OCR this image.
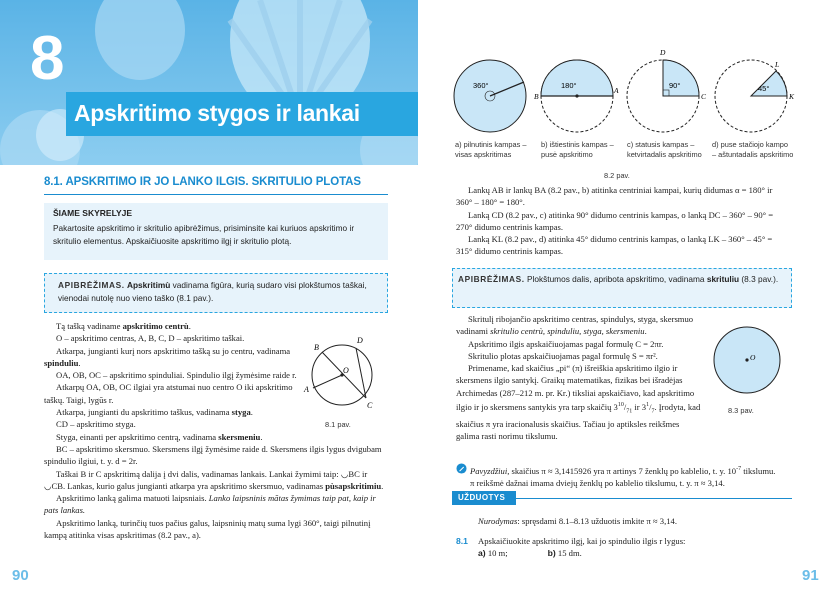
8
Apskritimo stygos ir lankai
8.1. APSKRITIMO IR JO LANKO ILGIS. SKRITULIO PLOTAS
ŠIAME SKYRELYJE
Pakartosite apskritimo ir skritulio apibrėžimus, prisiminsite kai kuriuos apskritimo ir skritulio elementus. Apskaičiuosite apskritimo ilgį ir skritulio plotą.
APIBRĖŽIMAS. Apskritimù vadinama figūra, kurią sudaro visi plokštumos taškai, vienodai nutolę nuo vieno taško (8.1 pav.).

Tą tašką vadiname apskritimo centrù.

O – apskritimo centras, A, B, C, D – apskritimo taškai.

Atkarpa, jungianti kurį nors apskritimo tašką su jo centru, vadinama spinduliu.

OA, OB, OC – apskritimo spinduliai. Spindulio ilgį žymėsime raide r.

Atkarpų OA, OB, OC ilgiai yra atstumai nuo centro O iki apskritimo taškų. Taigi, lygūs r.

Atkarpa, jungianti du apskritimo taškus, vadinama styga.

CD – apskritimo styga.

Styga, einanti per apskritimo centrą, vadinama skersmeniu.

D
B
O
A
C
8.1 pav.

BC – apskritimo skersmuo. Skersmens ilgį žymėsime raide d. Skersmens ilgis lygus dvigubam spindulio ilgiui, t. y. d = 2r.

Taškai B ir C apskritimą dalija į dvi dalis, vadinamas lankais. Lankai žymimi taip: ◡BC ir ◡CB. Lankas, kurio galus jungianti atkarpa yra apskritimo skersmuo, vadinamas pùsapskritimiu.

Apskritimo lanką galima matuoti laipsniais. Lanko laipsninis mãtas žymimas taip pat, kaip ir pats lankas.

Apskritimo lanką, turinčių tuos pačius galus, laipsninių matų suma lygi 360°, taigi pilnutinį kampą atitinka visas apskritimas (8.2 pav., a).

90
360°	180°
B
A
90°
D
C
45°
L
K
a) pilnutinis kampas – visas apskritimas
b) ištiestinis kampas – pusė apskritimo
c) statusis kampas – ketvirtadalis apskritimo
d) puse stačiojo kampo – aštuntadalis apskritimo
8.2 pav.

Lankų AB ir lankų BA (8.2 pav., b) atitinka centriniai kampai, kurių didumas α = 180° ir 360° – 180° = 180°.

Lanką CD (8.2 pav., c) atitinka 90° didumo centrinis kampas, o lanką DC – 360° – 90° = 270° didumo centrinis kampas.

Lanką KL (8.2 pav., d) atitinka 45° didumo centrinis kampas, o lanką LK – 360° – 45° = 315° didumo centrinis kampas.

APIBRĖŽIMAS. Plokštumos dalis, apribota apskritimo, vadinama skrituliu (8.3 pav.).

Skritulį ribojančio apskritimo centras, spindulys, styga, skersmuo vadinami skritulio centrù, spinduliu, styga, skersmeniu.

Apskritimo ilgis apskaičiuojamas pagal formulę C = 2πr.

Skritulio plotas apskaičiuojamas pagal formulę S = πr².

Primename, kad skaičius „pi“ (π) išreiškia apskritimo ilgio ir skersmens ilgio santykį. Graikų matematikas, fizikas bei išradėjas Archimedas (287–212 m. pr. Kr.) tiksliai apskaičiavo, kad apskritimo ilgio ir jo skersmens santykis yra tarp skaičių $3^{10}/_{71}$ ir $3^1/_7$. Įrodyta, kad skaičius π yra iracionalusis skaičius. Tačiau jo aptiksles reikšmes galima rasti norimu tikslumu.

O
8.3 pav.

Pavyzdžiui, skaičius π ≈ 3,1415926 yra π artinys 7 ženklų po kablelio, t. y. $10^{-7}$ tikslumu.

π reikšmė dažnai imama dviejų ženklų po kablelio tikslumu, t. y. π ≈ 3,14.

UŽDUOTYS
Nurodymas: spręsdami 8.1–8.13 užduotis imkite π ≈ 3,14.
8.1 Apskaičiuokite apskritimo ilgį, kai jo spindulio ilgis r lygus:
a) 10 m;	b) 15 dm.
91
